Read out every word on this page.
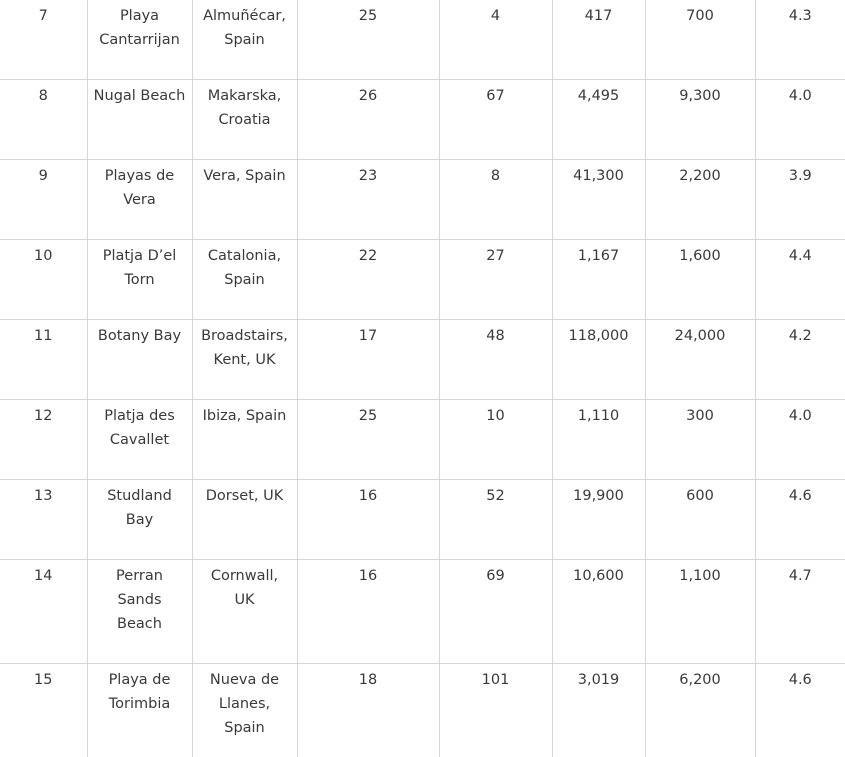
7	Playa Cantarrijan	Almuñécar, Spain	25	4	417	700	4.3
8	Nugal Beach	Makarska, Croatia	26	67	4,495	9,300	4.0
9	Playas de Vera	Vera, Spain	23	8	41,300	2,200	3.9
10	Platja D’el Torn	Catalonia, Spain	22	27	1,167	1,600	4.4
11	Botany Bay	Broadstairs, Kent, UK	17	48	118,000	24,000	4.2
12	Platja des Cavallet	Ibiza, Spain	25	10	1,110	300	4.0
13	Studland Bay	Dorset, UK	16	52	19,900	600	4.6
14	Perran Sands Beach	Cornwall, UK	16	69	10,600	1,100	4.7
15	Playa de Torimbia	Nueva de Llanes, Spain	18	101	3,019	6,200	4.6
